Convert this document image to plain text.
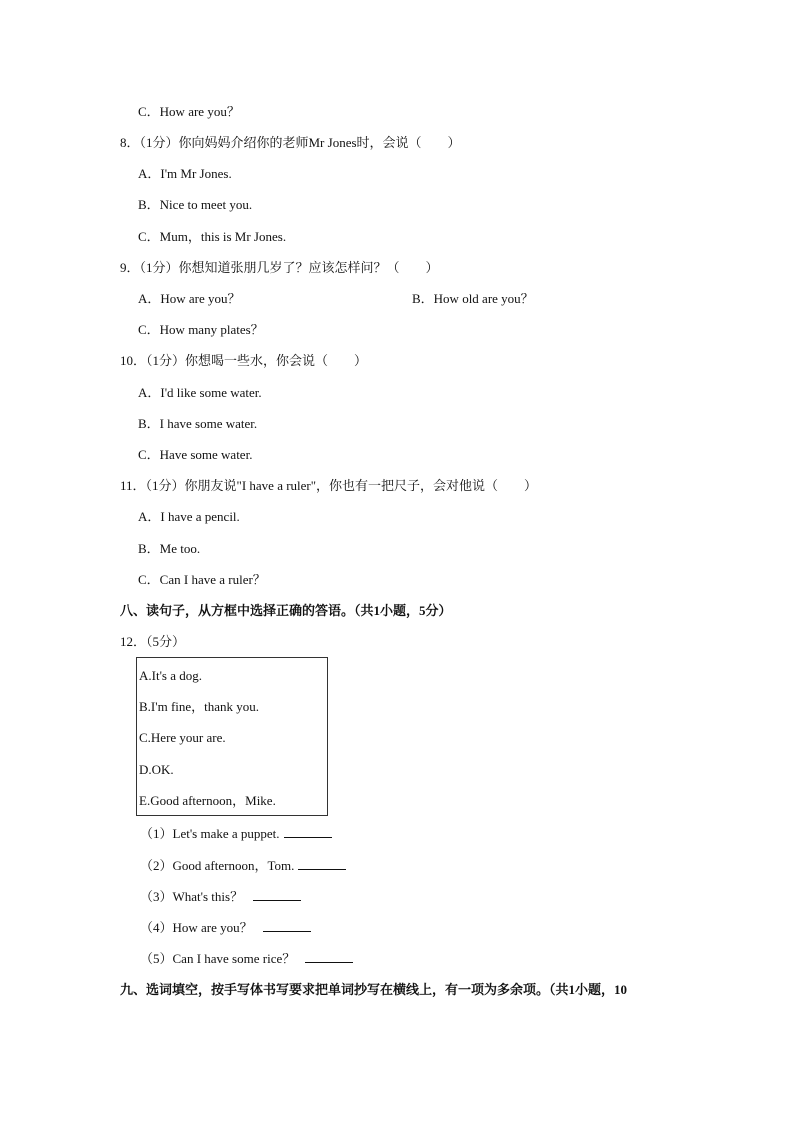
C．How are you？
8．（1分）你向妈妈介绍你的老师Mr Jones时，会说（　　）
A．I'm Mr Jones.
B．Nice to meet you.
C．Mum，this is Mr Jones.
9．（1分）你想知道张朋几岁了？应该怎样问？（　　）
A．How are you？	B．How old are you？
C．How many plates？
10．（1分）你想喝一些水，你会说（　　）
A．I'd like some water.
B．I have some water.
C．Have some water.
11．（1分）你朋友说"I have a ruler"，你也有一把尺子，会对他说（　　）
A．I have a pencil.
B．Me too.
C．Can I have a ruler？
八、读句子，从方框中选择正确的答语。（共1小题，5分）
12．（5分）
A.It's a dog.
B.I'm fine，thank you.
C.Here your are.
D.OK.
E.Good afternoon，Mike.
（1）Let's make a puppet.
（2）Good afternoon，Tom.
（3）What's this？
（4）How are you？
（5）Can I have some rice？
九、选词填空，按手写体书写要求把单词抄写在横线上，有一项为多余项。（共1小题，10
